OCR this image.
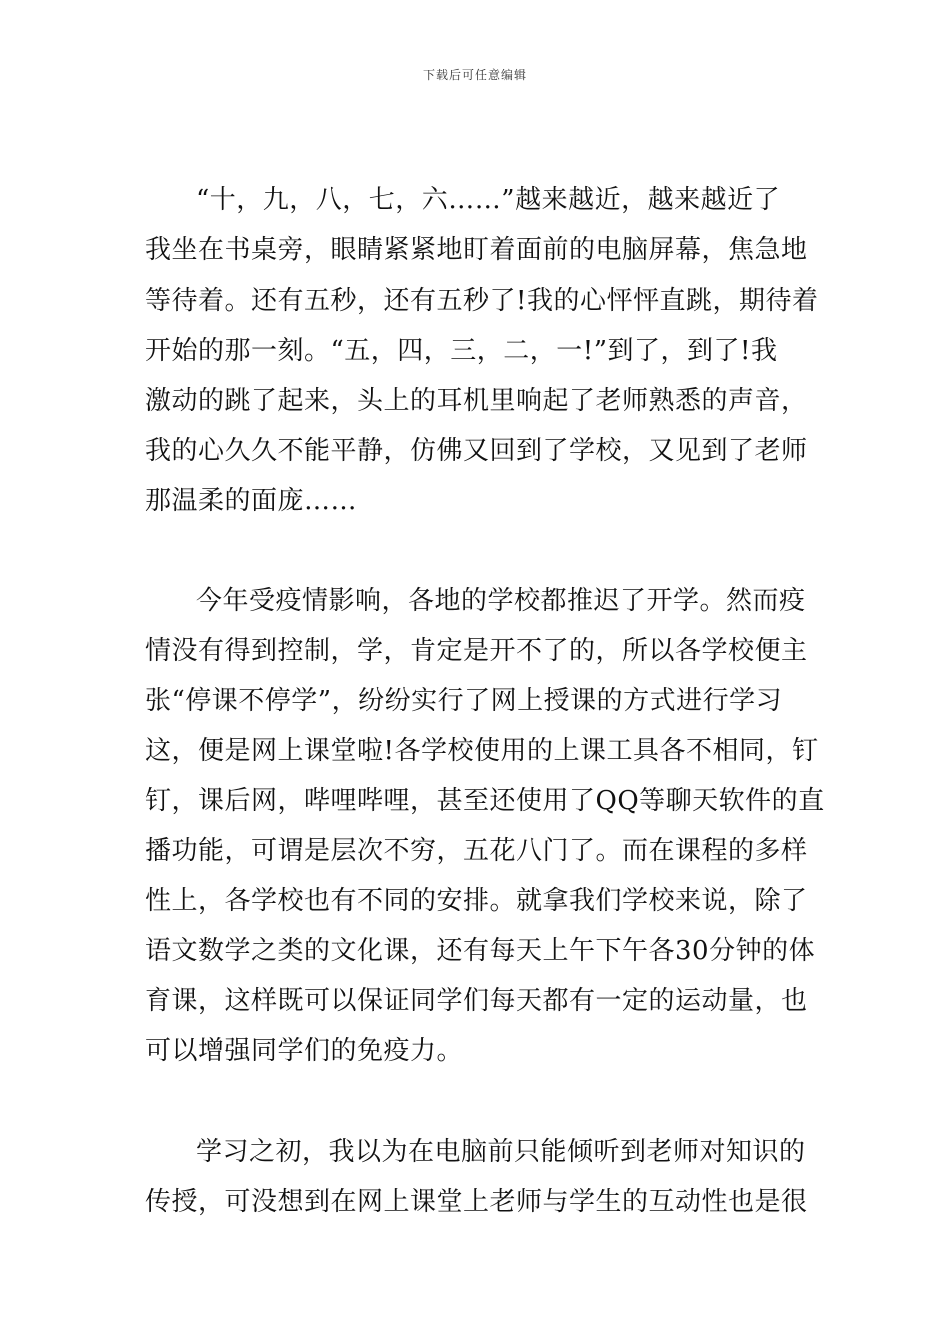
下载后可任意编辑
“十，九，八，七，六……”越来越近，越来越近了
我坐在书桌旁，眼睛紧紧地盯着面前的电脑屏幕，焦急地
等待着。还有五秒，还有五秒了!我的心怦怦直跳，期待着
开始的那一刻。“五，四，三，二，一!”到了，到了!我
激动的跳了起来，头上的耳机里响起了老师熟悉的声音，
我的心久久不能平静，仿佛又回到了学校，又见到了老师
那温柔的面庞……
今年受疫情影响，各地的学校都推迟了开学。然而疫
情没有得到控制，学，肯定是开不了的，所以各学校便主
张“停课不停学”，纷纷实行了网上授课的方式进行学习
这，便是网上课堂啦!各学校使用的上课工具各不相同，钉
钉，课后网，哔哩哔哩，甚至还使用了QQ等聊天软件的直
播功能，可谓是层次不穷，五花八门了。而在课程的多样
性上，各学校也有不同的安排。就拿我们学校来说，除了
语文数学之类的文化课，还有每天上午下午各30分钟的体
育课，这样既可以保证同学们每天都有一定的运动量，也
可以增强同学们的免疫力。
学习之初，我以为在电脑前只能倾听到老师对知识的
传授，可没想到在网上课堂上老师与学生的互动性也是很
